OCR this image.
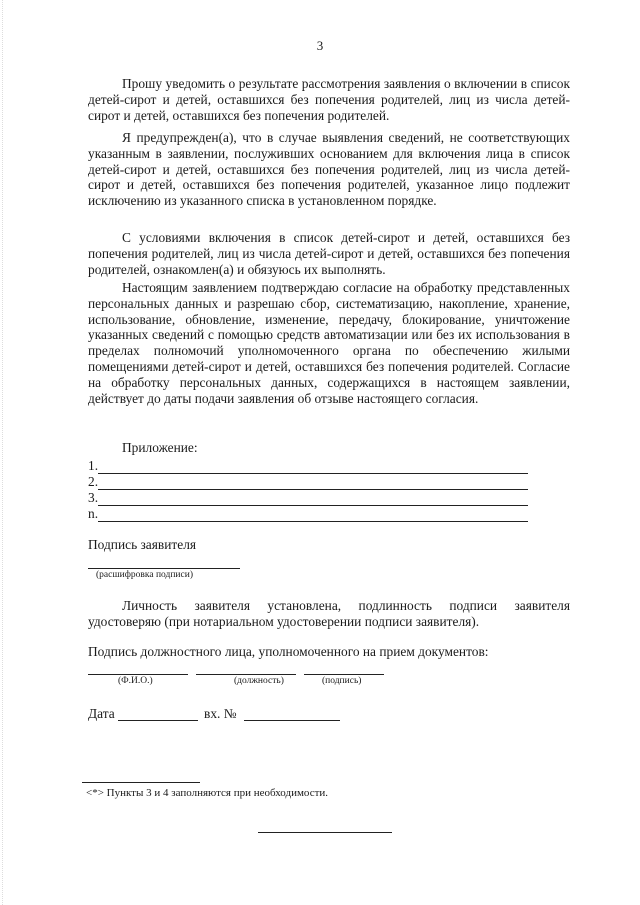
3

Прошу уведомить о результате рассмотрения заявления о включении в список детей-сирот и детей, оставшихся без попечения родителей, лиц из числа детей-сирот и детей, оставшихся без попечения родителей.

Я предупрежден(а), что в случае выявления сведений, не соответствующих указанным в заявлении, послуживших основанием для включения лица в список детей-сирот и детей, оставшихся без попечения родителей, лиц из числа детей-сирот и детей, оставшихся без попечения родителей, указанное лицо подлежит исключению из указанного списка в установленном порядке.

С условиями включения в список детей-сирот и детей, оставшихся без попечения родителей, лиц из числа детей-сирот и детей, оставшихся без попечения родителей, ознакомлен(а) и обязуюсь их выполнять.

Настоящим заявлением подтверждаю согласие на обработку представленных персональных данных и разрешаю сбор, систематизацию, накопление, хранение, использование, обновление, изменение, передачу, блокирование, уничтожение указанных сведений с помощью средств автоматизации или без их использования в пределах полномочий уполномоченного органа по обеспечению жилыми помещениями детей-сирот и детей, оставшихся без попечения родителей. Согласие на обработку персональных данных, содержащихся в настоящем заявлении, действует до даты подачи заявления об отзыве настоящего согласия.

Приложение:
1.
2.
3.
n.
Подпись заявителя
(расшифровка подписи)

Личность заявителя установлена, подлинность подписи заявителя удостоверяю (при нотариальном удостоверении подписи заявителя).

Подпись должностного лица, уполномоченного на прием документов:
(Ф.И.О.)	(должность)	(подпись)
Дата	вх. №
<*> Пункты 3 и 4 заполняются при необходимости.
